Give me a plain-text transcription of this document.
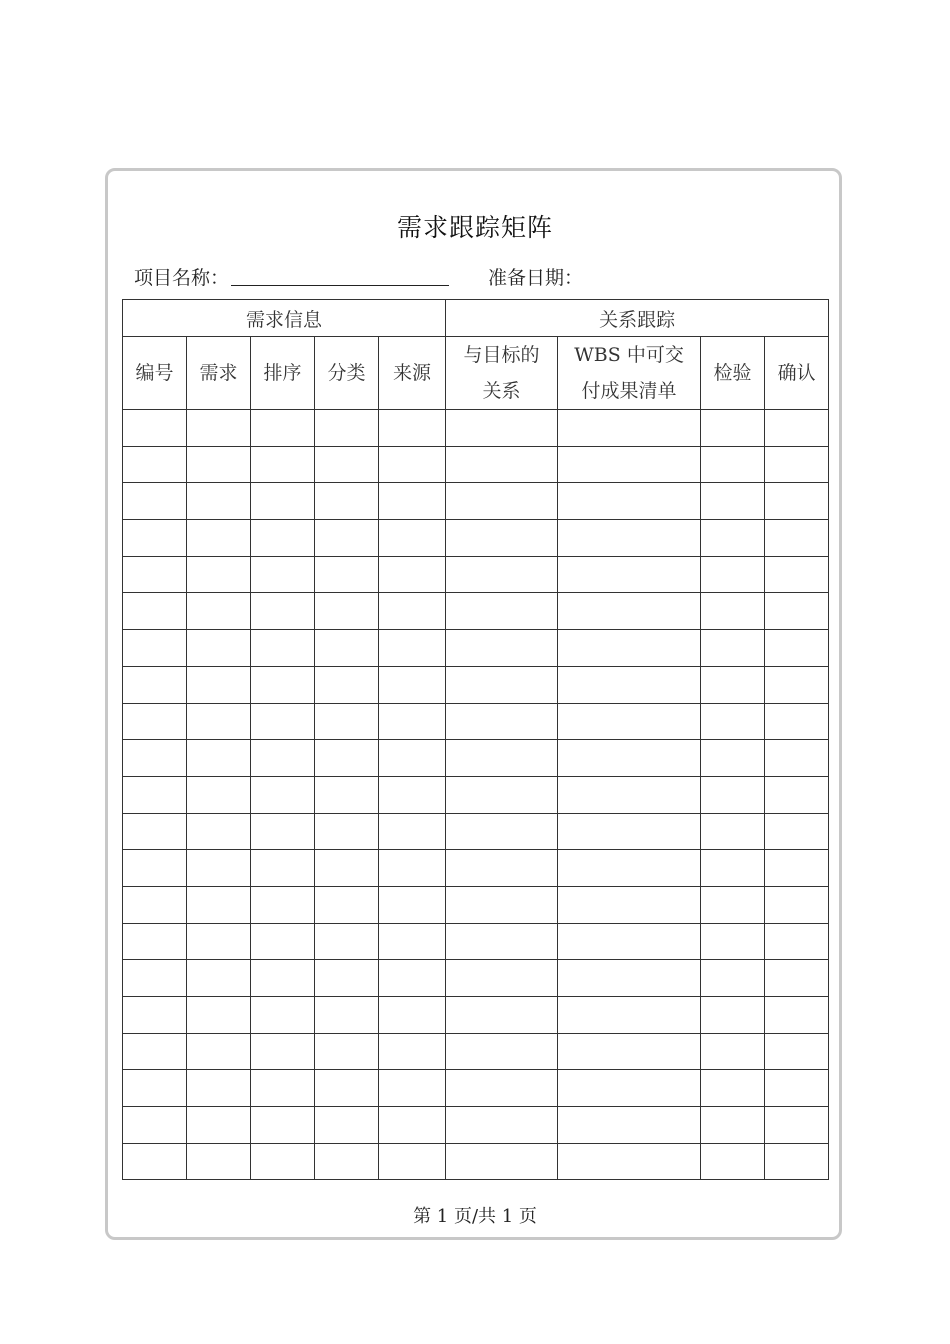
需求跟踪矩阵
项目名称：	准备日期：
需求信息					关系跟踪			
编号	需求	排序	分类	来源	与目标的关系	WBS 中可交付成果清单	检验	确认

第 1 页/共 1 页
